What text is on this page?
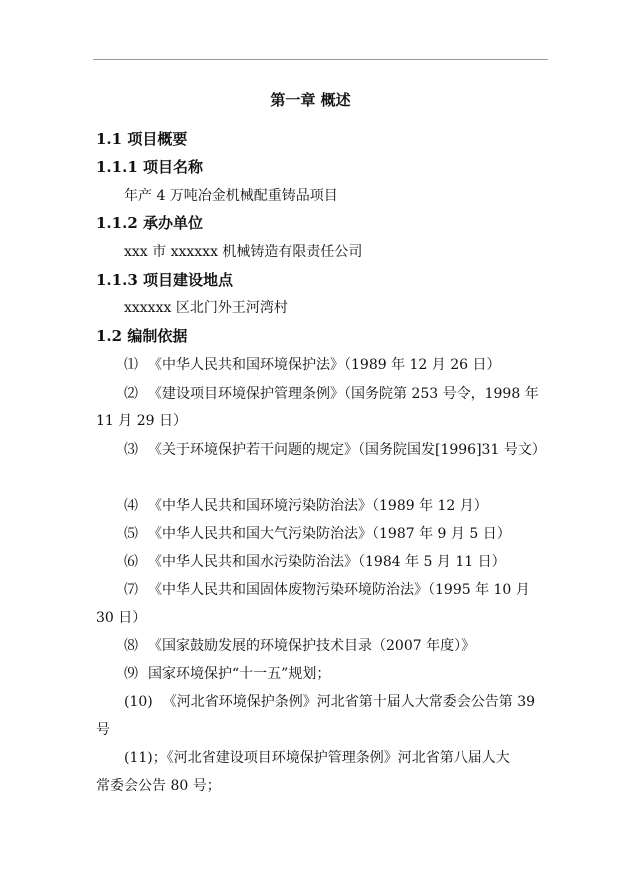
第一章 概述
1.1 项目概要
1.1.1 项目名称
年产 4 万吨冶金机械配重铸品项目
1.1.2 承办单位
xxx 市 xxxxxx 机械铸造有限责任公司
1.1.3 项目建设地点
xxxxxx 区北门外王河湾村
1.2 编制依据
⑴ 《中华人民共和国环境保护法》（1989 年 12 月 26 日）
⑵ 《建设项目环境保护管理条例》（国务院第 253 号令，1998 年
11 月 29 日）
⑶ 《关于环境保护若干问题的规定》（国务院国发[1996]31 号文）
⑷ 《中华人民共和国环境污染防治法》（1989 年 12 月）
⑸ 《中华人民共和国大气污染防治法》（1987 年 9 月 5 日）
⑹ 《中华人民共和国水污染防治法》（1984 年 5 月 11 日）
⑺ 《中华人民共和国固体废物污染环境防治法》（1995 年 10 月
30 日）
⑻ 《国家鼓励发展的环境保护技术目录（2007 年度）》
⑼ 国家环境保护“十一五”规划；
(10) 《河北省环境保护条例》河北省第十届人大常委会公告第 39
号
(11)；《河北省建设项目环境保护管理条例》河北省第八届人大
常委会公告 80 号；
